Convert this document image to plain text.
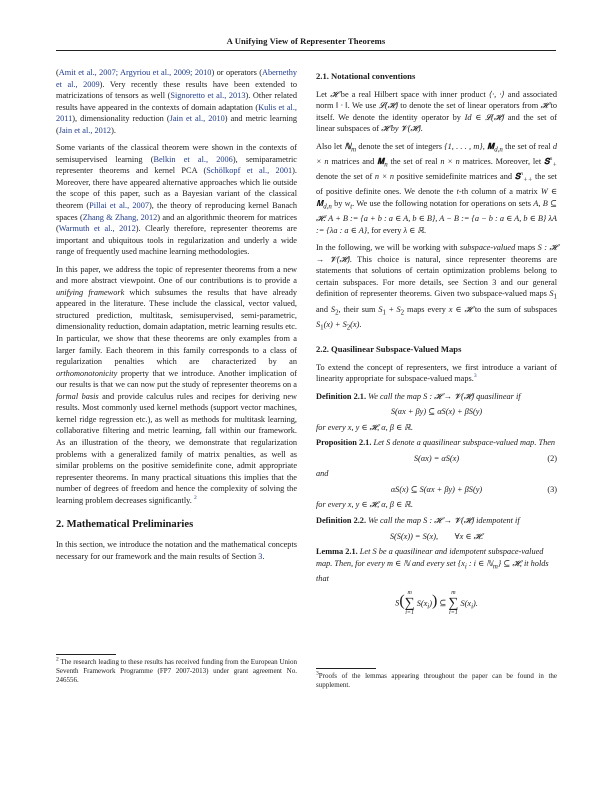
A Unifying View of Representer Theorems

(Amit et al., 2007; Argyriou et al., 2009; 2010) or operators (Abernethy et al., 2009). Very recently these results have been extended to matricizations of tensors as well (Signoretto et al., 2013). Other related results have appeared in the contexts of domain adaptation (Kulis et al., 2011), dimensionality reduction (Jain et al., 2010) and metric learning (Jain et al., 2012).

Some variants of the classical theorem were shown in the contexts of semisupervised learning (Belkin et al., 2006), semiparametric representer theorems and kernel PCA (Schölkopf et al., 2001). Moreover, there have appeared alternative approaches which lie outside the scope of this paper, such as a Bayesian variant of the classical theorem (Pillai et al., 2007), the theory of reproducing kernel Banach spaces (Zhang & Zhang, 2012) and an algorithmic theorem for matrices (Warmuth et al., 2012). Clearly therefore, representer theorems are important and ubiquitous tools in regularization and underly a wide range of frequently used machine learning methodologies.

In this paper, we address the topic of representer theorems from a new and more abstract viewpoint. One of our contributions is to provide a unifying framework which subsumes the results that have already appeared in the literature. These include the classical, vector valued, structured prediction, multitask, semisupervised, semi-parametric, dimensionality reduction, domain adaptation, metric learning results etc. In particular, we show that these theorems are only examples from a larger family. Each theorem in this family corresponds to a class of regularization penalties which are characterized by an orthomonotonicity property that we introduce. Another implication of our results is that we can now put the study of representer theorems on a formal basis and provide calculus rules and recipes for deriving new results. Most commonly used kernel methods (support vector machines, kernel ridge regression etc.), as well as methods for multitask learning, collaborative filtering and metric learning, fall within our framework. As an illustration of the theory, we demonstrate that regularization problems with a generalized family of matrix penalties, as well as similar problems on the positive semidefinite cone, admit appropriate representer theorems. In many practical situations this implies that the number of degrees of freedom and hence the complexity of solving the learning problem decreases significantly. $^2$

2. Mathematical Preliminaries

In this section, we introduce the notation and the mathematical concepts necessary for our framework and the main results of Section 3.

$^2$ The research leading to these results has received funding from the European Union Seventh Framework Programme (FP7 2007-2013) under grant agreement No. 246556.
2.1. Notational conventions

Let 𝓗 be a real Hilbert space with inner product ⟨·, ·⟩ and associated norm ‖ · ‖. We use 𝓛(𝓗) to denote the set of linear operators from 𝓗 to itself. We denote the identity operator by Id ∈ 𝓛(𝓗) and the set of linear subspaces of 𝓗 by 𝓥(𝓗).

Also let ℕ$_m$ denote the set of integers {1, . . . , m}, 𝐌$_{d,n}$ the set of real d × n matrices and 𝐌$_n$ the set of real n × n matrices. Moreover, let 𝐒$^n_+$ denote the set of n × n positive semidefinite matrices and 𝐒$^n_{++}$ the set of positive definite ones. We denote the t-th column of a matrix W ∈ 𝐌$_{d,n}$ by $w_t$. We use the following notation for operations on sets A, B ⊆ 𝓗: A + B := {a + b : a ∈ A, b ∈ B}, A − B := {a − b : a ∈ A, b ∈ B} λA := {λa : a ∈ A}, for every λ ∈ ℝ.

In the following, we will be working with subspace-valued maps S : 𝓗 → 𝓥(𝓗). This choice is natural, since representer theorems are statements that solutions of certain optimization problems belong to certain subspaces. For more details, see Section 3 and our general definition of representer theorems. Given two subspace-valued maps $S_1$ and $S_2$, their sum $S_1 + S_2$ maps every x ∈ 𝓗 to the sum of subspaces $S_1(x) + S_2(x)$.

2.2. Quasilinear Subspace-Valued Maps

To extend the concept of representers, we first introduce a variant of linearity appropriate for subspace-valued maps.$^3$

Definition 2.1. We call the map S : 𝓗 → 𝓥(𝓗) quasilinear if
S(αx + βy) ⊆ αS(x) + βS(y)
for every x, y ∈ 𝓗, α, β ∈ ℝ.
Proposition 2.1. Let S denote a quasilinear subspace-valued map. Then
S(αx) = αS(x)	(2)
and
αS(x) ⊆ S(αx + βy) + βS(y)	(3)
for every x, y ∈ 𝓗, α, β ∈ ℝ.
Definition 2.2. We call the map S : 𝓗 → 𝓥(𝓗) idempotent if
S(S(x)) = S(x),        ∀x ∈ 𝓗.
Lemma 2.1. Let S be a quasilinear and idempotent subspace-valued map. Then, for every m ∈ ℕ and every set {$x_i$ : i ∈ ℕ$_m$} ⊆ 𝓗, it holds that
S( m
∑
i=1
$S(x_i)$) ⊆
m
∑
i=1
$S(x_i)$.
$^3$Proofs of the lemmas appearing throughout the paper can be found in the supplement.
